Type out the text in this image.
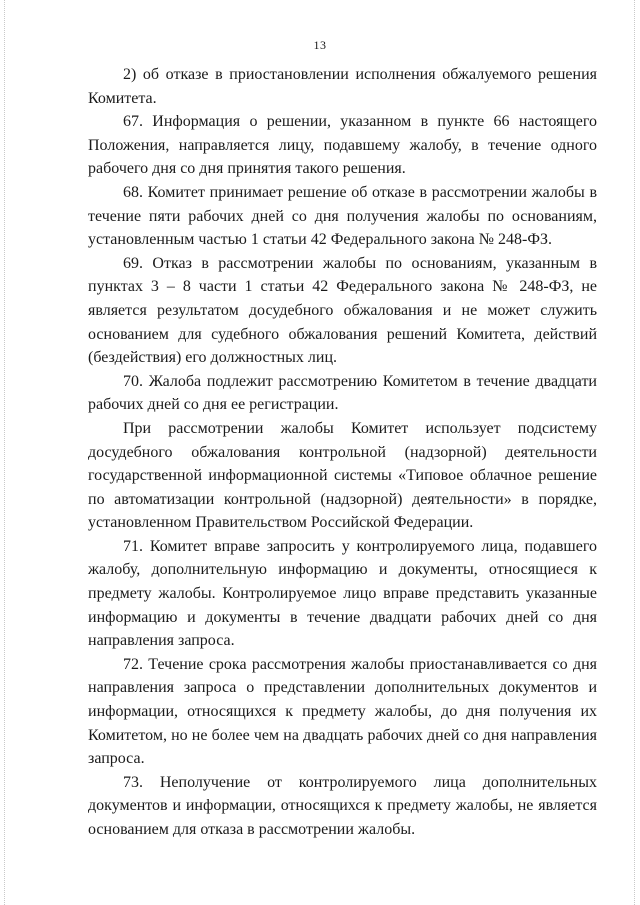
13

2) об отказе в приостановлении исполнения обжалуемого решения Комитета.

67. Информация о решении, указанном в пункте 66 настоящего Положения, направляется лицу, подавшему жалобу, в течение одного рабочего дня со дня принятия такого решения.

68. Комитет принимает решение об отказе в рассмотрении жалобы в течение пяти рабочих дней со дня получения жалобы по основаниям, установленным частью 1 статьи 42 Федерального закона № 248-ФЗ.

69. Отказ в рассмотрении жалобы по основаниям, указанным в пунктах 3 – 8 части 1 статьи 42 Федерального закона № 248-ФЗ, не является результатом досудебного обжалования и не может служить основанием для судебного обжалования решений Комитета, действий (бездействия) его должностных лиц.

70. Жалоба подлежит рассмотрению Комитетом в течение двадцати рабочих дней со дня ее регистрации.

При рассмотрении жалобы Комитет использует подсистему досудебного обжалования контрольной (надзорной) деятельности государственной информационной системы «Типовое облачное решение по автоматизации контрольной (надзорной) деятельности» в порядке, установленном Правительством Российской Федерации.

71. Комитет вправе запросить у контролируемого лица, подавшего жалобу, дополнительную информацию и документы, относящиеся к предмету жалобы. Контролируемое лицо вправе представить указанные информацию и документы в течение двадцати рабочих дней со дня направления запроса.

72. Течение срока рассмотрения жалобы приостанавливается со дня направления запроса о представлении дополнительных документов и информации, относящихся к предмету жалобы, до дня получения их Комитетом, но не более чем на двадцать рабочих дней со дня направления запроса.

73. Неполучение от контролируемого лица дополнительных документов и информации, относящихся к предмету жалобы, не является основанием для отказа в рассмотрении жалобы.
